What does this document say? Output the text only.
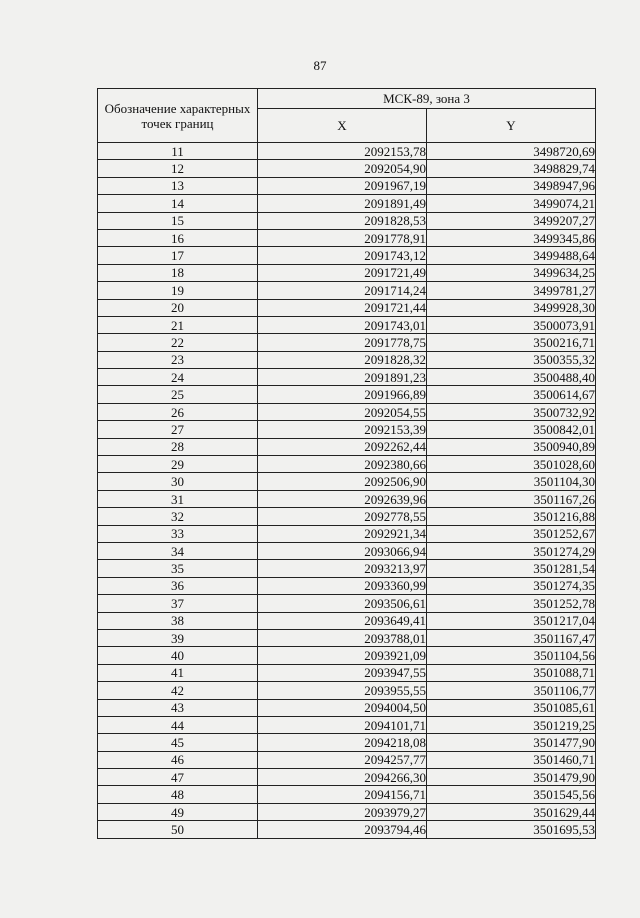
87
Обозначение характерных точек границ	МСК-89, зона 3	
	X	Y
11	2092153,78	3498720,69
12	2092054,90	3498829,74
13	2091967,19	3498947,96
14	2091891,49	3499074,21
15	2091828,53	3499207,27
16	2091778,91	3499345,86
17	2091743,12	3499488,64
18	2091721,49	3499634,25
19	2091714,24	3499781,27
20	2091721,44	3499928,30
21	2091743,01	3500073,91
22	2091778,75	3500216,71
23	2091828,32	3500355,32
24	2091891,23	3500488,40
25	2091966,89	3500614,67
26	2092054,55	3500732,92
27	2092153,39	3500842,01
28	2092262,44	3500940,89
29	2092380,66	3501028,60
30	2092506,90	3501104,30
31	2092639,96	3501167,26
32	2092778,55	3501216,88
33	2092921,34	3501252,67
34	2093066,94	3501274,29
35	2093213,97	3501281,54
36	2093360,99	3501274,35
37	2093506,61	3501252,78
38	2093649,41	3501217,04
39	2093788,01	3501167,47
40	2093921,09	3501104,56
41	2093947,55	3501088,71
42	2093955,55	3501106,77
43	2094004,50	3501085,61
44	2094101,71	3501219,25
45	2094218,08	3501477,90
46	2094257,77	3501460,71
47	2094266,30	3501479,90
48	2094156,71	3501545,56
49	2093979,27	3501629,44
50	2093794,46	3501695,53
